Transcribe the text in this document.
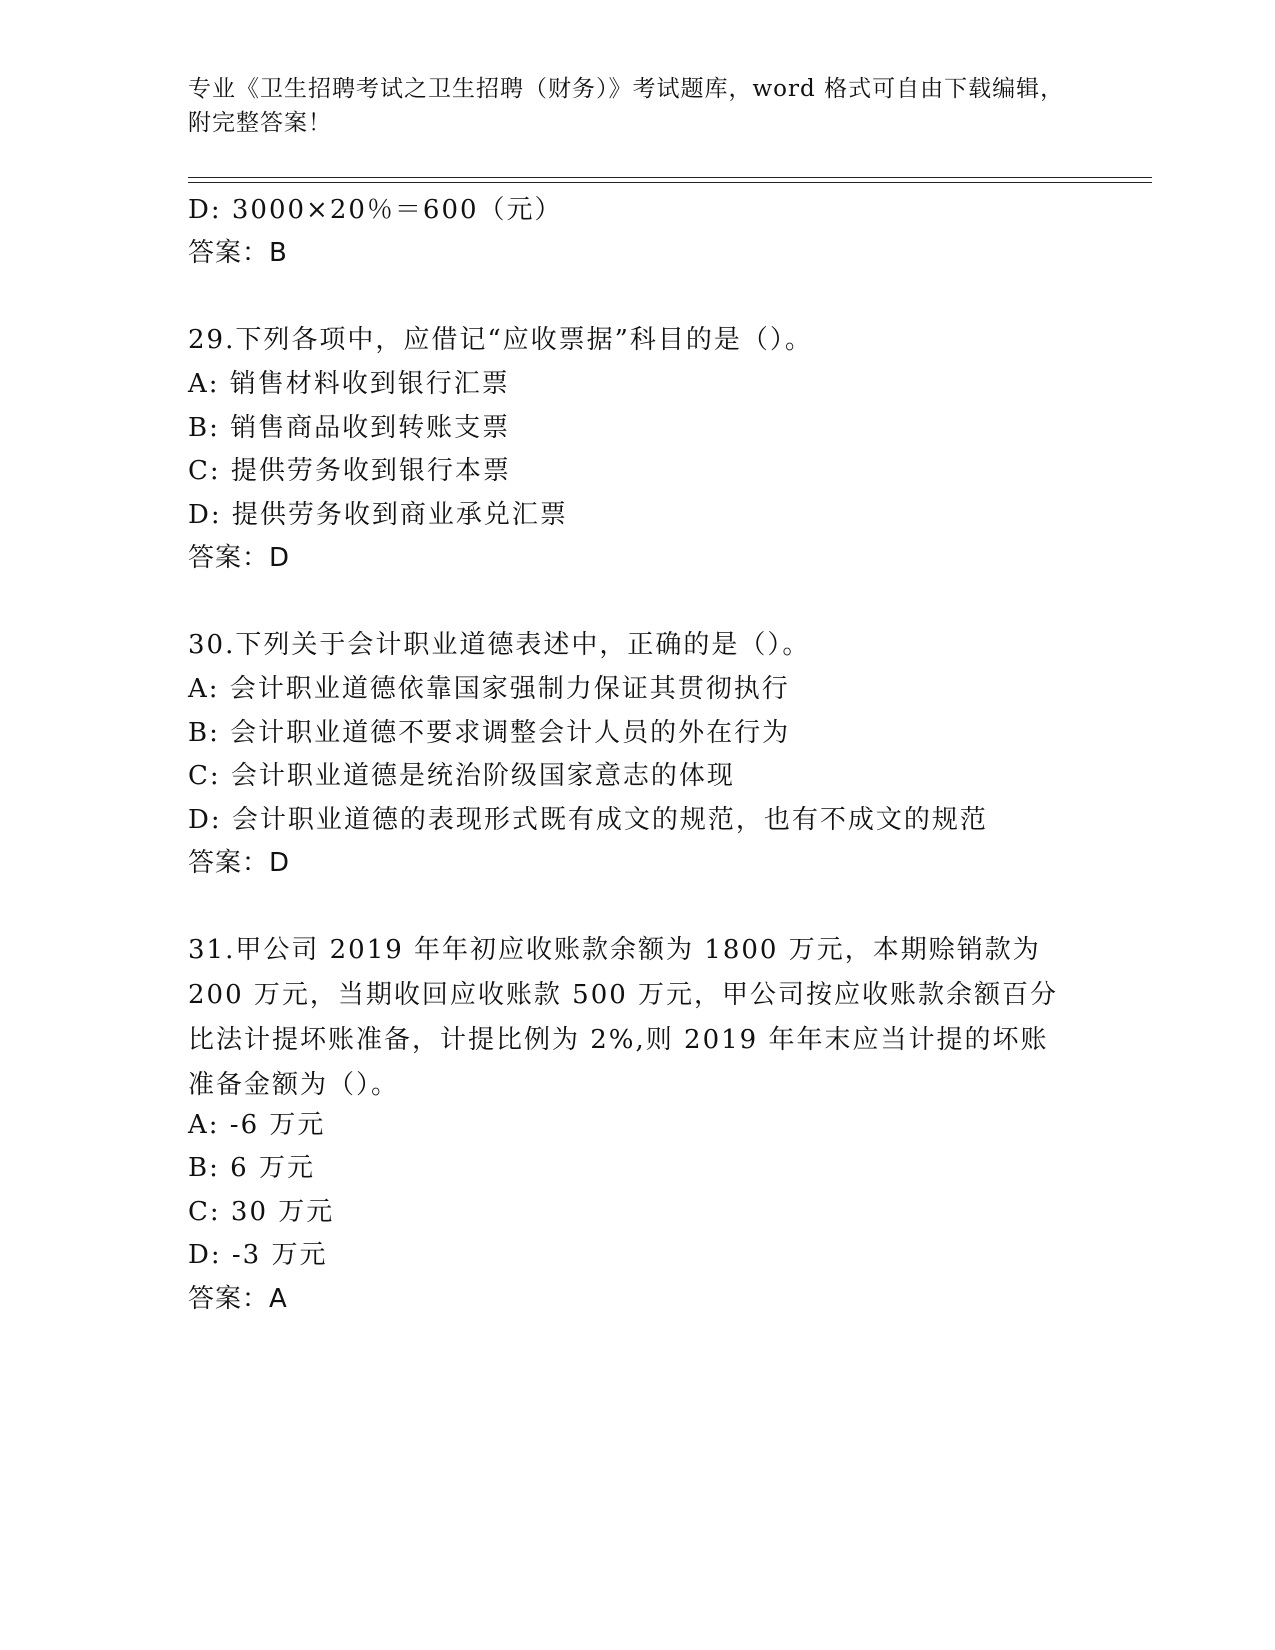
专业《卫生招聘考试之卫生招聘（财务）》考试题库，word 格式可自由下载编辑，附完整答案！
D: 3000×20％＝600（元）
答案：B
29.下列各项中，应借记“应收票据”科目的是（）。
A: 销售材料收到银行汇票
B: 销售商品收到转账支票
C: 提供劳务收到银行本票
D: 提供劳务收到商业承兑汇票
答案：D
30.下列关于会计职业道德表述中，正确的是（）。
A: 会计职业道德依靠国家强制力保证其贯彻执行
B: 会计职业道德不要求调整会计人员的外在行为
C: 会计职业道德是统治阶级国家意志的体现
D: 会计职业道德的表现形式既有成文的规范，也有不成文的规范
答案：D
31.甲公司 2019 年年初应收账款余额为 1800 万元，本期赊销款为 200 万元，当期收回应收账款 500 万元，甲公司按应收账款余额百分比法计提坏账准备，计提比例为 2%,则 2019 年年末应当计提的坏账准备金额为（）。
A: -6 万元
B: 6 万元
C: 30 万元
D: -3 万元
答案：A
